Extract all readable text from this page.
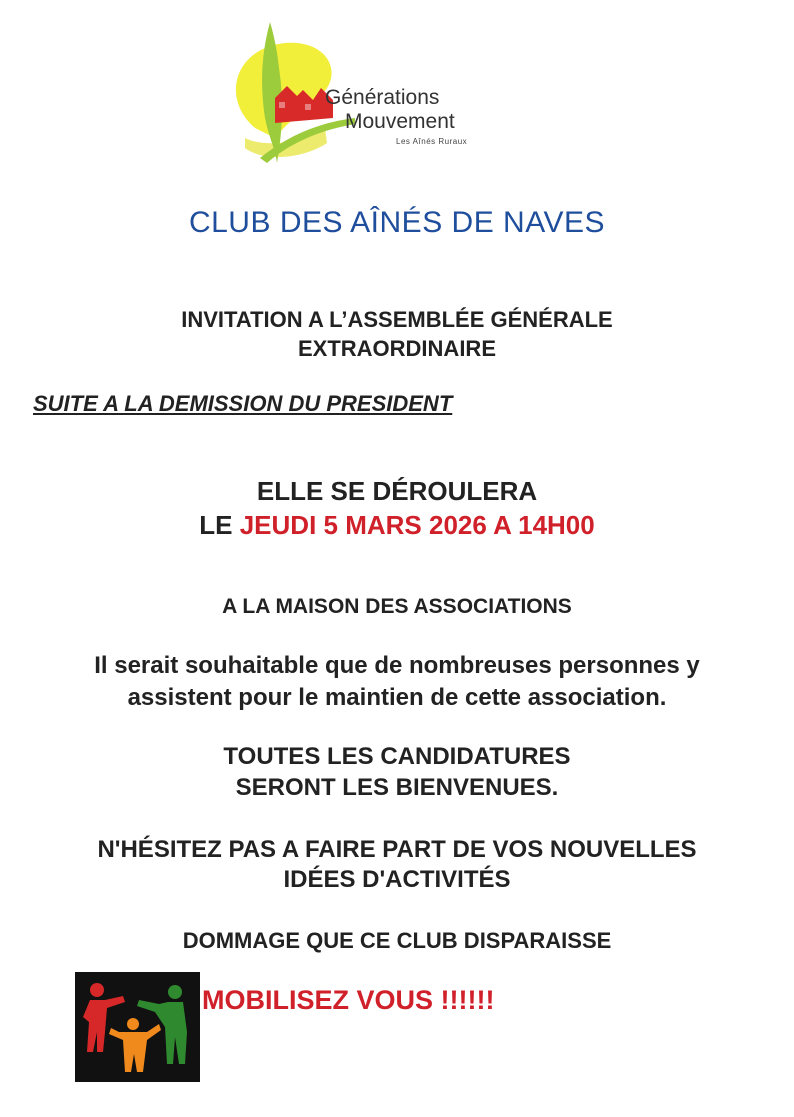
Générations
Mouvement
Les Aînés Ruraux
CLUB DES AÎNÉS DE NAVES
INVITATION A L’ASSEMBLÉE GÉNÉRALE
EXTRAORDINAIRE
SUITE A LA DEMISSION DU PRESIDENT
ELLE SE DÉROULERA
LE JEUDI 5 MARS 2026 A 14H00
A LA MAISON DES ASSOCIATIONS
Il serait souhaitable que de nombreuses personnes y
assistent pour le maintien de cette association.
TOUTES LES CANDIDATURES
SERONT LES BIENVENUES.
N'HÉSITEZ PAS A FAIRE PART DE VOS NOUVELLES
IDÉES D'ACTIVITÉS
DOMMAGE QUE CE CLUB DISPARAISSE
MOBILISEZ VOUS !!!!!!
